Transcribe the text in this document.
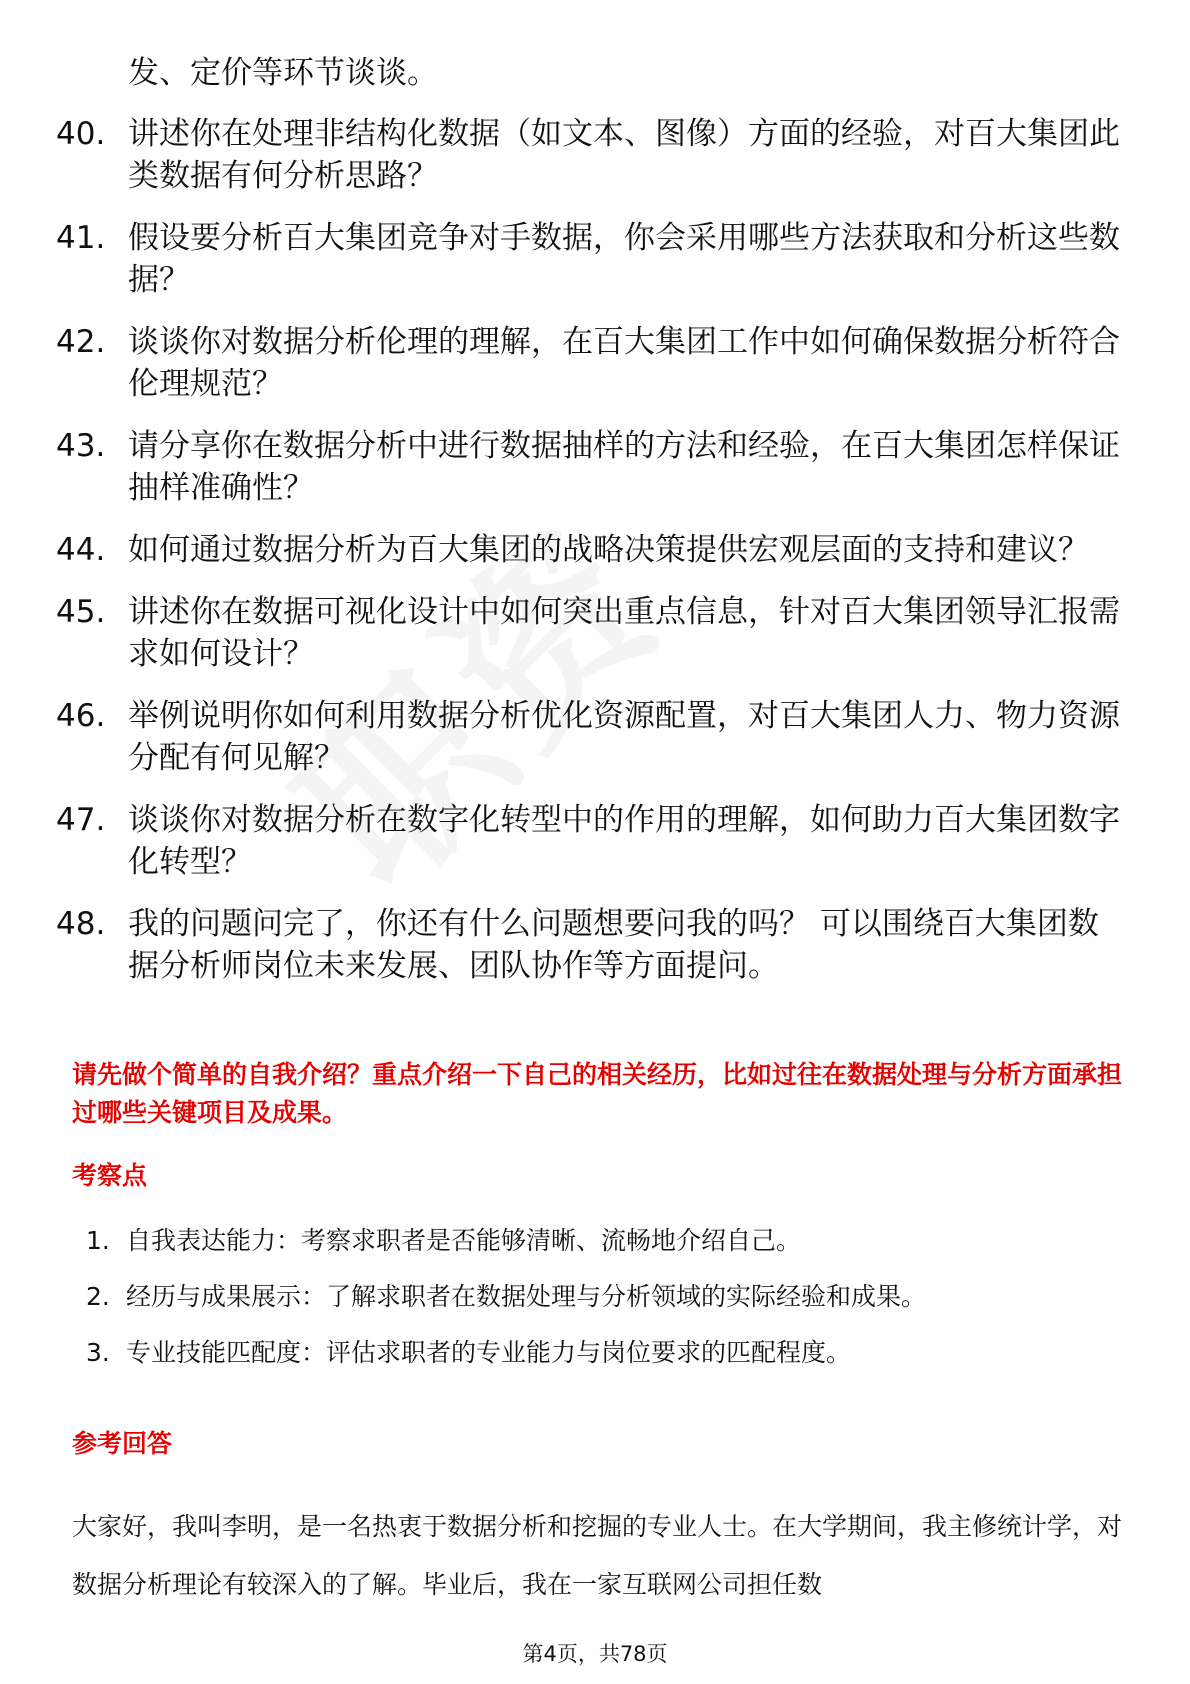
发、定价等环节谈谈。
40. 讲述你在处理非结构化数据（如文本、图像）方面的经验，对百大集团此类数据有何分析思路？
41. 假设要分析百大集团竞争对手数据，你会采用哪些方法获取和分析这些数据？
42. 谈谈你对数据分析伦理的理解，在百大集团工作中如何确保数据分析符合伦理规范？
43. 请分享你在数据分析中进行数据抽样的方法和经验，在百大集团怎样保证抽样准确性？
44. 如何通过数据分析为百大集团的战略决策提供宏观层面的支持和建议？
45. 讲述你在数据可视化设计中如何突出重点信息，针对百大集团领导汇报需求如何设计？
46. 举例说明你如何利用数据分析优化资源配置，对百大集团人力、物力资源分配有何见解？
47. 谈谈你对数据分析在数字化转型中的作用的理解，如何助力百大集团数字化转型？
48. 我的问题问完了，你还有什么问题想要问我的吗？ 可以围绕百大集团数据分析师岗位未来发展、团队协作等方面提问。
请先做个简单的自我介绍？重点介绍一下自己的相关经历，比如过往在数据处理与分析方面承担过哪些关键项目及成果。
考察点
1. 自我表达能力：考察求职者是否能够清晰、流畅地介绍自己。
2. 经历与成果展示：了解求职者在数据处理与分析领域的实际经验和成果。
3. 专业技能匹配度：评估求职者的专业能力与岗位要求的匹配程度。
参考回答
大家好，我叫李明，是一名热衷于数据分析和挖掘的专业人士。在大学期间，我主修统计学，对数据分析理论有较深入的了解。毕业后，我在一家互联网公司担任数
第4页，共78页
